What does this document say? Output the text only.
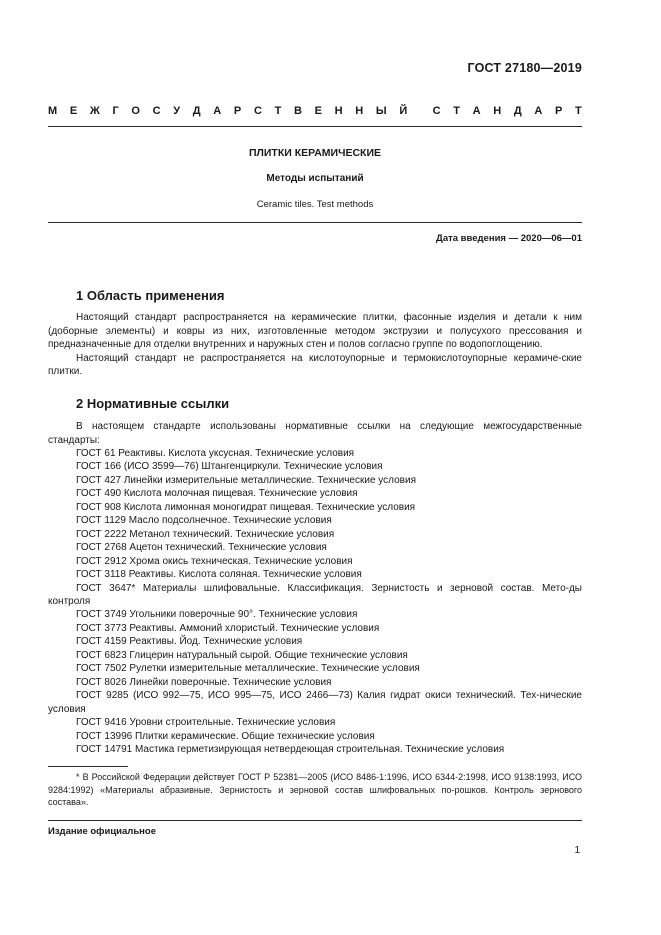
ГОСТ 27180—2019
М Е Ж Г О С У Д А Р С Т В Е Н Н Ы Й С Т А Н Д А Р Т
ПЛИТКИ КЕРАМИЧЕСКИЕ
Методы испытаний
Ceramic tiles. Test methods
Дата введения — 2020—06—01
1 Область применения

Настоящий стандарт распространяется на керамические плитки, фасонные изделия и детали к ним (доборные элементы) и ковры из них, изготовленные методом экструзии и полусухого прессования и предназначенные для отделки внутренних и наружных стен и полов согласно группе по водопоглощению.

Настоящий стандарт не распространяется на кислотоупорные и термокислотоупорные керамиче-ские плитки.

2 Нормативные ссылки

В настоящем стандарте использованы нормативные ссылки на следующие межгосударственные стандарты:

ГОСТ 61 Реактивы. Кислота уксусная. Технические условия
ГОСТ 166 (ИСО 3599—76) Штангенциркули. Технические условия
ГОСТ 427 Линейки измерительные металлические. Технические условия
ГОСТ 490 Кислота молочная пищевая. Технические условия
ГОСТ 908 Кислота лимонная моногидрат пищевая. Технические условия
ГОСТ 1129 Масло подсолнечное. Технические условия
ГОСТ 2222 Метанол технический. Технические условия
ГОСТ 2768 Ацетон технический. Технические условия
ГОСТ 2912 Хрома окись техническая. Технические условия
ГОСТ 3118 Реактивы. Кислота соляная. Технические условия
ГОСТ 3647* Материалы шлифовальные. Классификация. Зернистость и зерновой состав. Мето-ды контроля
ГОСТ 3749 Угольники поверочные 90°. Технические условия
ГОСТ 3773 Реактивы. Аммоний хлористый. Технические условия
ГОСТ 4159 Реактивы. Йод. Технические условия
ГОСТ 6823 Глицерин натуральный сырой. Общие технические условия
ГОСТ 7502 Рулетки измерительные металлические. Технические условия
ГОСТ 8026 Линейки поверочные. Технические условия
ГОСТ 9285 (ИСО 992—75, ИСО 995—75, ИСО 2466—73) Калия гидрат окиси технический. Тех-нические условия
ГОСТ 9416 Уровни строительные. Технические условия
ГОСТ 13996 Плитки керамические. Общие технические условия
ГОСТ 14791 Мастика герметизирующая нетвердеющая строительная. Технические условия

* В Российской Федерации действует ГОСТ Р 52381—2005 (ИСО 8486-1:1996, ИСО 6344-2:1998, ИСО 9138:1993, ИСО 9284:1992) «Материалы абразивные. Зернистость и зерновой состав шлифовальных по-рошков. Контроль зернового состава».

Издание официальное
1
